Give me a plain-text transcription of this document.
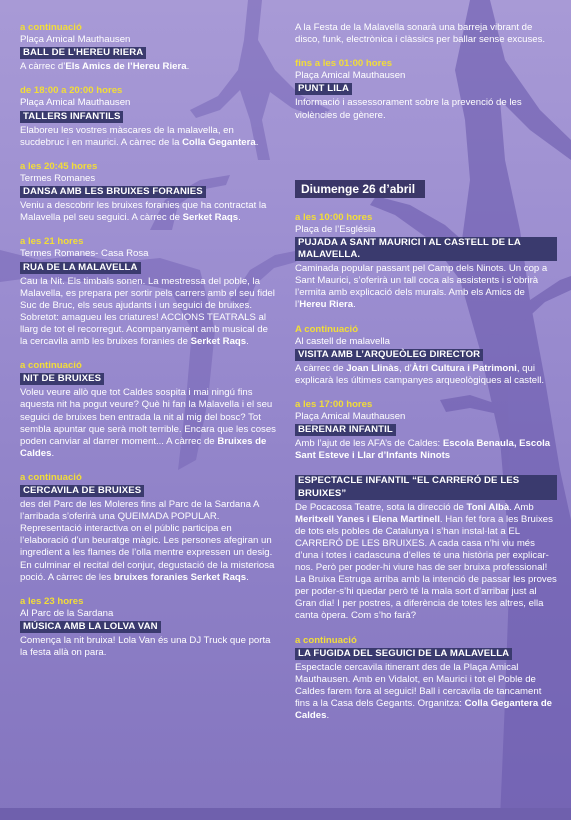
a continuació
Plaça Amical Mauthausen
BALL DE L’HEREU RIERA
A càrrec d’Els Amics de l’Hereu Riera.
de 18:00 a 20:00 hores
Plaça Amical Mauthausen
TALLERS INFANTILS
Elaboreu les vostres màscares de la malavella, en sucdebruc i en maurici. A càrrec de la Colla Gegantera.
a les 20:45 hores
Termes Romanes
DANSA AMB LES BRUIXES FORANIES
Veniu a descobrir les bruixes foranies que ha contractat la Malavella pel seu seguici. A càrrec de Serket Raqs.
a les 21 hores
Termes Romanes- Casa Rosa
RUA DE LA MALAVELLA
Cau la Nit. Els timbals sonen. La mestressa del poble, la Malavella, es prepara per sortir pels carrers amb el seu fidel Suc de Bruc, els seus ajudants i un seguici de bruixes. Sobretot: amagueu les criatures! ACCIONS TEATRALS al llarg de tot el recorregut. Acompanyament amb musical de la cercavila amb les bruixes foranies de Serket Raqs.
a continuació
NIT DE BRUIXES
Voleu veure allò que tot Caldes sospita i mai ningú fins aquesta nit ha pogut veure? Què hi fan la Malavella i el seu seguici de bruixes ben entrada la nit al mig del bosc? Tot sembla apuntar que serà molt terrible. Encara que les coses poden canviar al darrer moment... A càrrec de Bruixes de Caldes.
a continuació
CERCAVILA DE BRUIXES
des del Parc de les Moleres fins al Parc de la Sardana A l’arribada s’oferirà una QUEIMADA POPULAR. Representació interactiva on el públic participa en l’elaboració d’un beuratge màgic. Les persones afegiran un ingredient a les flames de l’olla mentre expressen un desig. En culminar el recital del conjur, degustació de la misteriosa poció. A càrrec de les bruixes foranies Serket Raqs.
a les 23 hores
Al Parc de la Sardana
MÚSICA AMB LA LOLVA VAN
Comença la nit bruixa! Lola Van és una DJ Truck que porta la festa allà on para.
A la Festa de la Malavella sonarà una barreja vibrant de disco, funk, electrònica i clàssics per ballar sense excuses.
fins a les 01:00 hores
Plaça Amical Mauthausen
PUNT LILA
Informació i assessorament sobre la prevenció de les violències de gènere.
Diumenge 26 d’abril
a les 10:00 hores
Plaça de l’Església
PUJADA A SANT MAURICI I AL CASTELL DE LA MALAVELLA.
Caminada popular passant pel Camp dels Ninots. Un cop a Sant Maurici, s’oferirà un tall coca als assistents i s’obrirà l’ermita amb explicació dels murals. Amb els Amics de l’Hereu Riera.
A continuació
Al castell de malavella
VISITA AMB L’ARQUEÒLEG DIRECTOR
A càrrec de Joan Llinàs, d’Àtri Cultura i Patrimoni, qui explicarà les últimes campanyes arqueològiques al castell.
a les 17:00 hores
Plaça Amical Mauthausen
BERENAR INFANTIL
Amb l’ajut de les AFA’s de Caldes: Escola Benaula, Escola Sant Esteve i Llar d’Infants Ninots
ESPECTACLE INFANTIL “EL CARRERÓ DE LES BRUIXES”
De Pocacosa Teatre, sota la direcció de Toni Albà. Amb Meritxell Yanes i Elena Martinell. Han fet fora a les Bruixes de tots els pobles de Catalunya i s’han instal·lat a EL CARRERÓ DE LES BRUIXES. A cada casa n’hi viu més d’una i totes i cadascuna d’elles té una història per explicar-nos. Però per poder-hi viure has de ser bruixa professional! La Bruixa Estruga arriba amb la intenció de passar les proves per poder-s’hi quedar però té la mala sort d’arribar just al Gran dia! I per postres, a diferència de totes les altres, ella canta òpera. Com s’ho farà?
a continuació
LA FUGIDA DEL SEGUICI DE LA MALAVELLA
Espectacle cercavila itinerant des de la Plaça Amical Mauthausen. Amb en Vidalot, en Maurici i tot el Poble de Caldes farem fora al seguici! Ball i cercavila de tancament fins a la Casa dels Gegants. Organitza: Colla Gegantera de Caldes.
